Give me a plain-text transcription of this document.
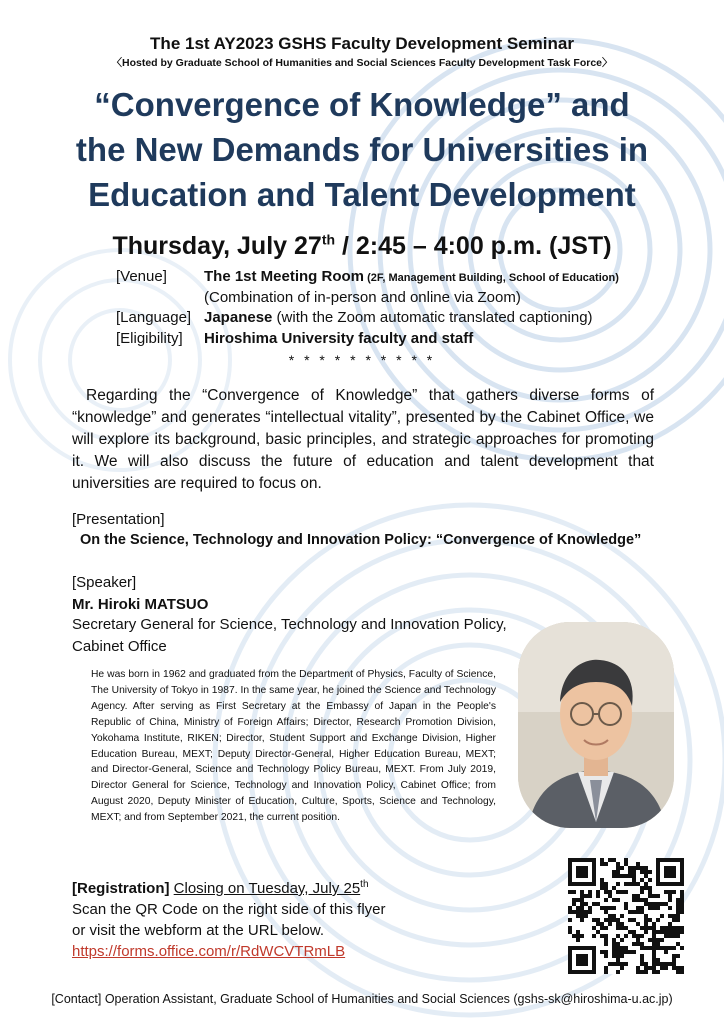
The 1st AY2023 GSHS Faculty Development Seminar
〈Hosted by Graduate School of Humanities and Social Sciences Faculty Development Task Force〉
“Convergence of Knowledge” and
the New Demands for Universities in
Education and Talent Development
Thursday, July 27th / 2:45 – 4:00 p.m. (JST)
[Venue]	The 1st Meeting Room (2F, Management Building, School of Education)
(Combination of in-person and online via Zoom)
[Language] Japanese (with the Zoom automatic translated captioning)
[Eligibility]	Hiroshima University faculty and staff
* * * * * * * * * *
Regarding the “Convergence of Knowledge” that gathers diverse forms of “knowledge” and generates “intellectual vitality”, presented by the Cabinet Office, we will explore its background, basic principles, and strategic approaches for promoting it. We will also discuss the future of education and talent development that universities are required to focus on.
[Presentation]
On the Science, Technology and Innovation Policy: “Convergence of Knowledge”
[Speaker]
Mr. Hiroki MATSUO
Secretary General for Science, Technology and Innovation Policy, Cabinet Office
He was born in 1962 and graduated from the Department of Physics, Faculty of Science, The University of Tokyo in 1987. In the same year, he joined the Science and Technology Agency. After serving as First Secretary at the Embassy of Japan in the People's Republic of China, Ministry of Foreign Affairs; Director, Research Promotion Division, Yokohama Institute, RIKEN; Director, Student Support and Exchange Division, Higher Education Bureau, MEXT; Deputy Director-General, Higher Education Bureau, MEXT; and Director-General, Science and Technology Policy Bureau, MEXT. From July 2019, Director General for Science, Technology and Innovation Policy, Cabinet Office; from August 2020, Deputy Minister of Education, Culture, Sports, Science and Technology, MEXT; and from September 2021, the current position.
[Registration] Closing on Tuesday, July 25th
Scan the QR Code on the right side of this flyer
or visit the webform at the URL below.
https://forms.office.com/r/RdWCVTRmLB
[Contact] Operation Assistant, Graduate School of Humanities and Social Sciences (gshs-sk@hiroshima-u.ac.jp)
